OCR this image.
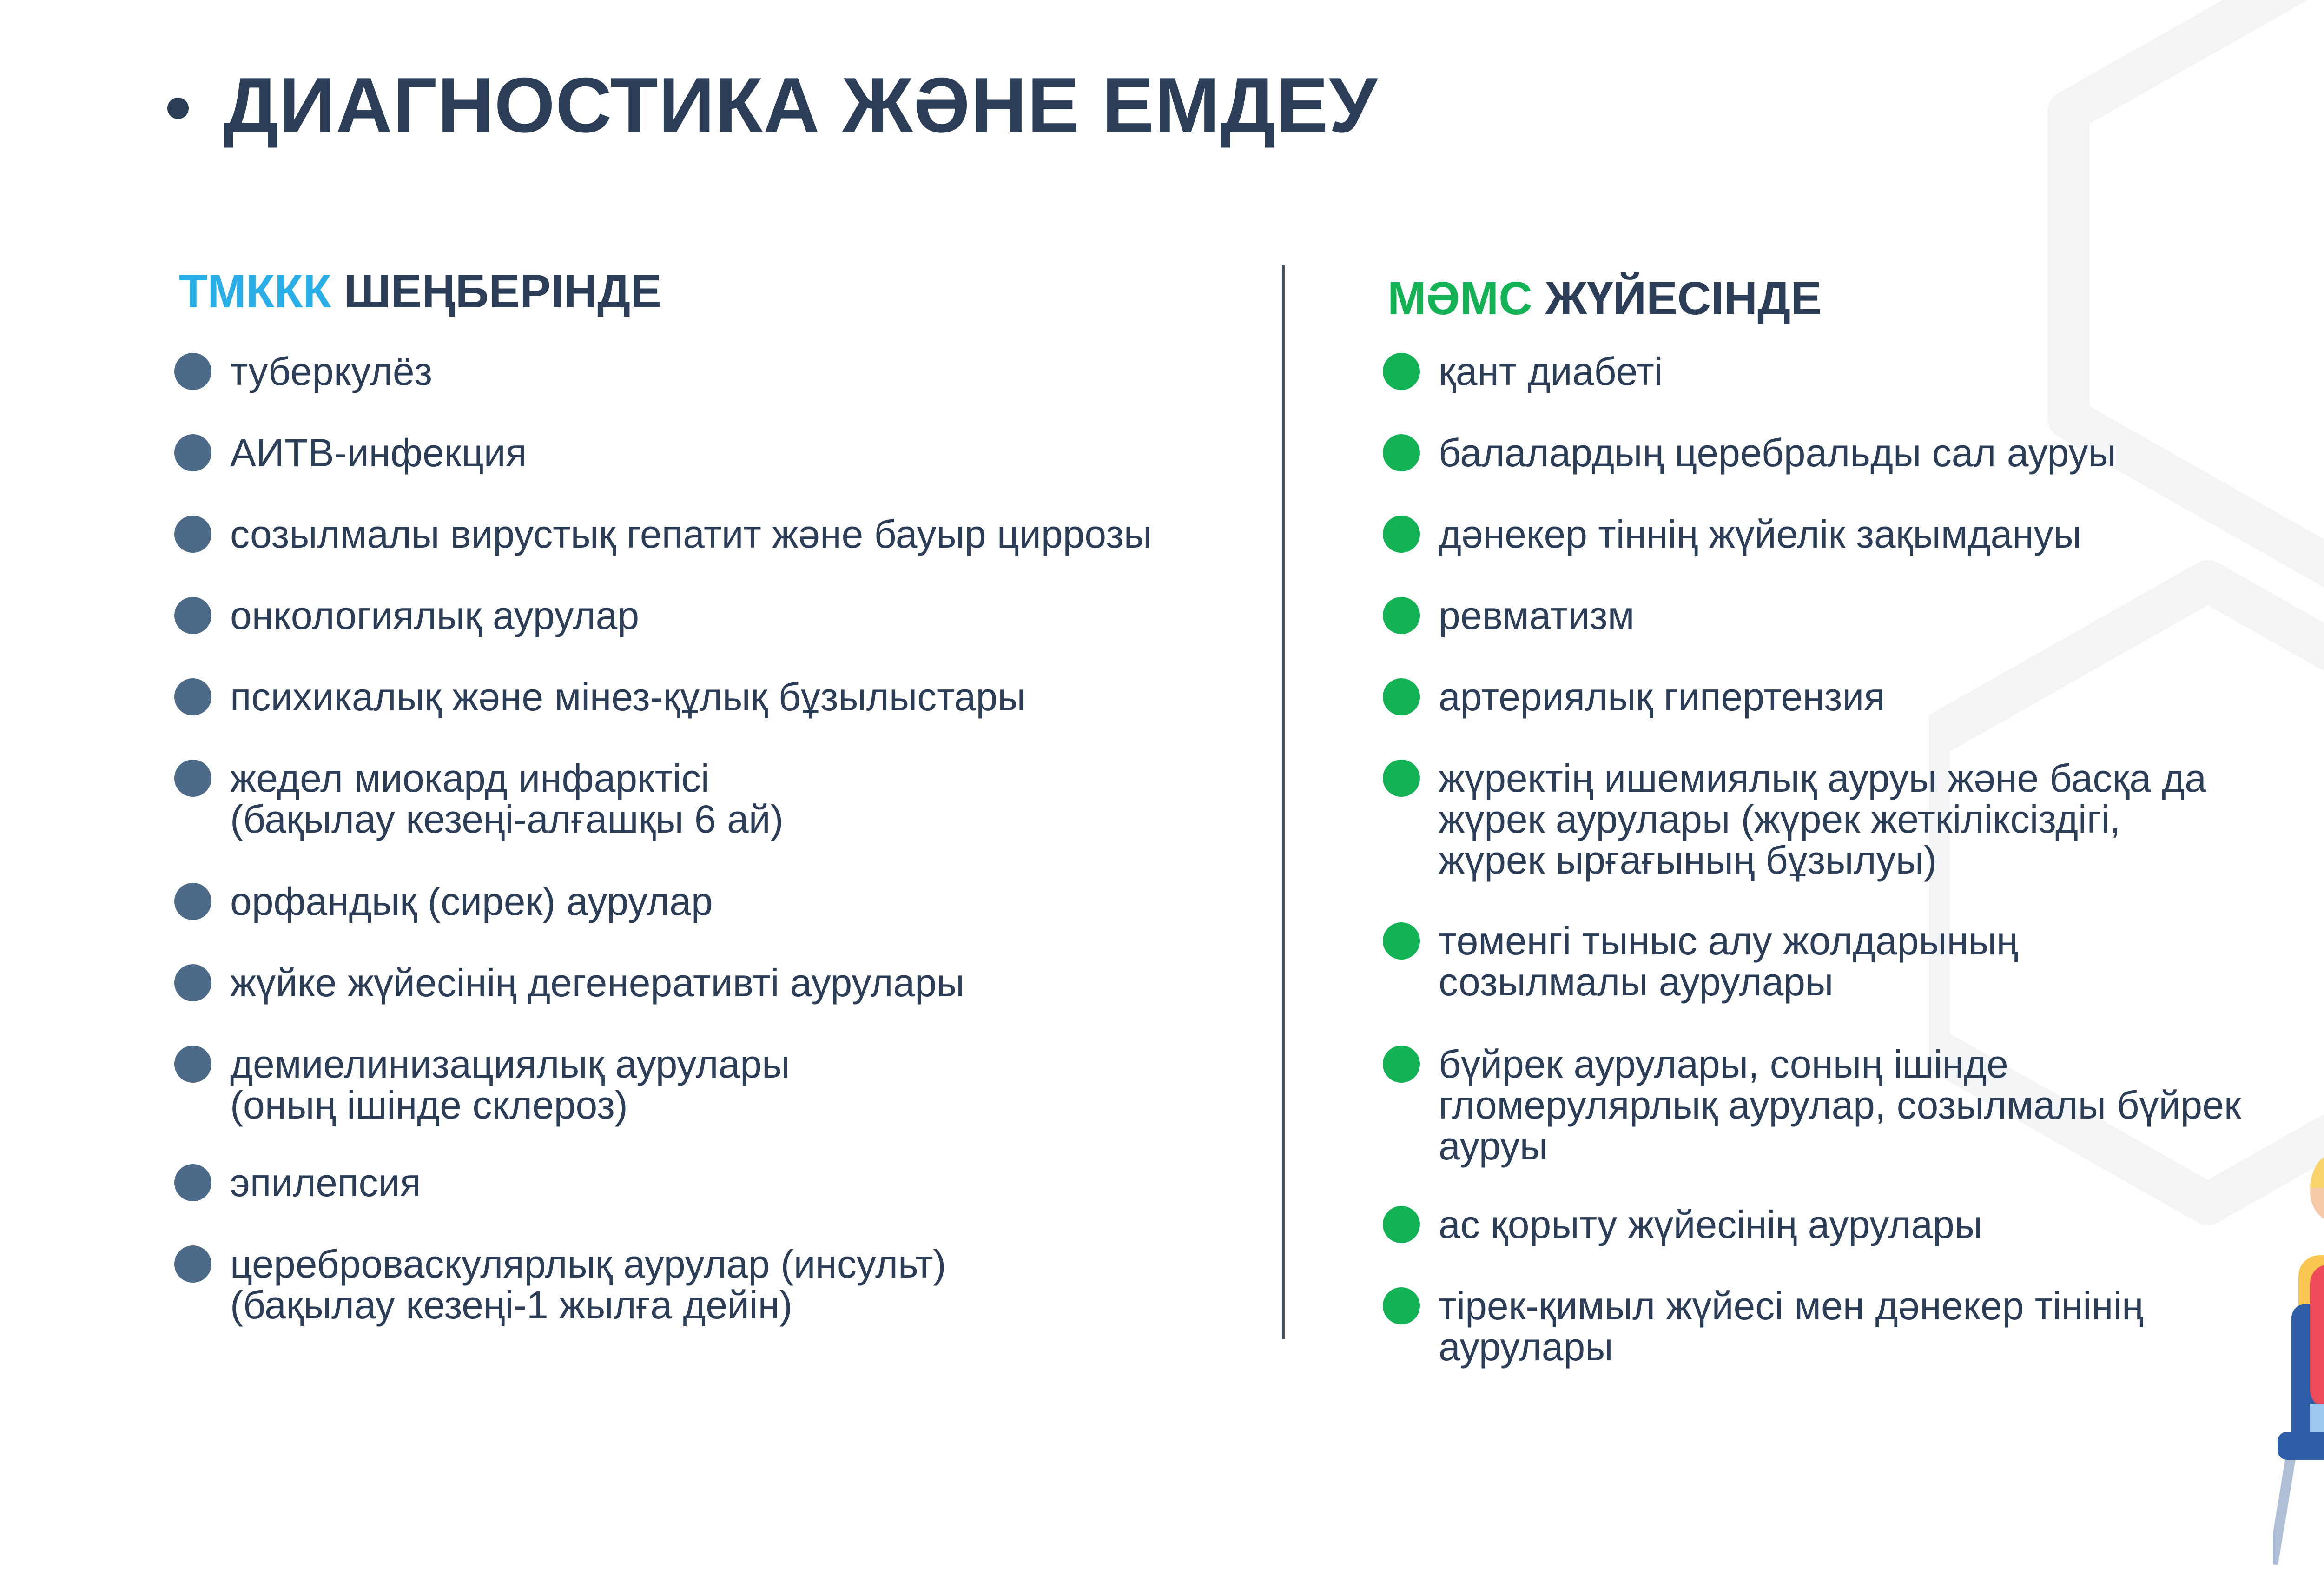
ДИАГНОСТИКА ЖӘНЕ ЕМДЕУ
ТМККК ШЕҢБЕРІНДЕ	МӘМС ЖҮЙЕСІНДЕ
туберкулёз
АИТВ-инфекция
созылмалы вирустық гепатит және бауыр циррозы
онкологиялық аурулар
психикалық және мінез-құлық бұзылыстары
жедел миокард инфарктісі
(бақылау кезеңі-алғашқы 6 ай)
орфандық (сирек) аурулар
жүйке жүйесінің дегенеративті аурулары
демиелинизациялық аурулары
(оның ішінде склероз)
эпилепсия
цереброваскулярлық аурулар (инсульт)
(бақылау кезеңі-1 жылға дейін)
қант диабеті
балалардың церебральды сал ауруы
дәнекер тіннің жүйелік зақымдануы
ревматизм
артериялық гипертензия
жүректің ишемиялық ауруы және басқа да
жүрек аурулары (жүрек жеткіліксіздігі,
жүрек ырғағының бұзылуы)
төменгі тыныс алу жолдарының
созылмалы аурулары
бүйрек аурулары, соның ішінде
гломерулярлық аурулар, созылмалы бүйрек
ауруы
ас қорыту жүйесінің аурулары
тірек-қимыл жүйесі мен дәнекер тінінің
аурулары
